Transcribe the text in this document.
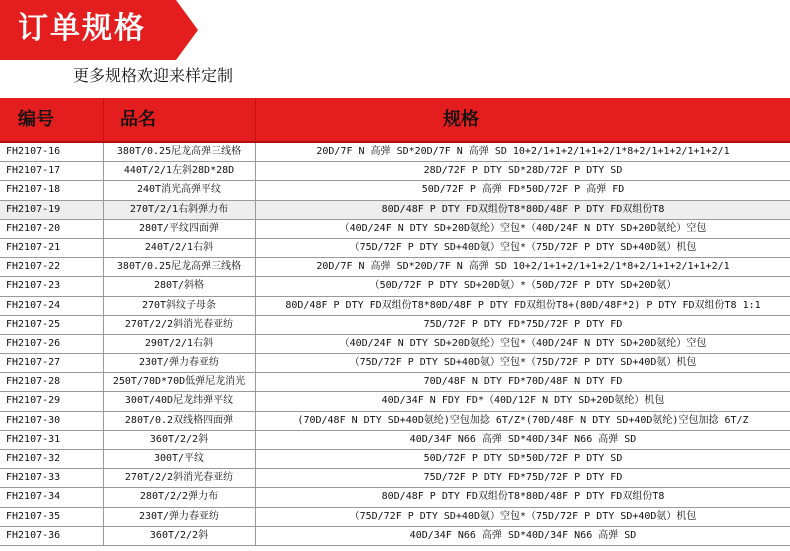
订单规格
更多规格欢迎来样定制
编号	品名	规格
FH2107-16	380T/0.25尼龙高弹三线格	20D/7F N 高弹 SD*20D/7F N 高弹 SD 10+2/1+1+2/1+1+2/1*8+2/1+1+2/1+1+2/1
FH2107-17	440T/2/1左斜28D*28D	28D/72F P DTY SD*28D/72F P DTY SD
FH2107-18	240T消光高弹平纹	50D/72F P 高弹 FD*50D/72F P 高弹 FD
FH2107-19	270T/2/1右斜弹力布	80D/48F P DTY FD双组份T8*80D/48F P DTY FD双组份T8
FH2107-20	280T/平纹四面弹	（40D/24F N DTY SD+20D氨纶）空包*（40D/24F N DTY SD+20D氨纶）空包
FH2107-21	240T/2/1右斜	（75D/72F P DTY SD+40D氨）空包*（75D/72F P DTY SD+40D氨）机包
FH2107-22	380T/0.25尼龙高弹三线格	20D/7F N 高弹 SD*20D/7F N 高弹 SD 10+2/1+1+2/1+1+2/1*8+2/1+1+2/1+1+2/1
FH2107-23	280T/斜格	（50D/72F P DTY SD+20D氨）*（50D/72F P DTY SD+20D氨）
FH2107-24	270T斜纹子母条	80D/48F P DTY FD双组份T8*80D/48F P DTY FD双组份T8+(80D/48F*2) P DTY FD双组份T8 1:1
FH2107-25	270T/2/2斜消光春亚纺	75D/72F P DTY FD*75D/72F P DTY FD
FH2107-26	290T/2/1右斜	（40D/24F N DTY SD+20D氨纶）空包*（40D/24F N DTY SD+20D氨纶）空包
FH2107-27	230T/弹力春亚纺	（75D/72F P DTY SD+40D氨）空包*（75D/72F P DTY SD+40D氨）机包
FH2107-28	250T/70D*70D低弹尼龙消光	70D/48F N DTY FD*70D/48F N DTY FD
FH2107-29	300T/40D尼龙纬弹平纹	40D/34F N FDY FD*（40D/12F N DTY SD+20D氨纶）机包
FH2107-30	280T/0.2双线格四面弹	(70D/48F N DTY SD+40D氨纶)空包加捻 6T/Z*(70D/48F N DTY SD+40D氨纶)空包加捻 6T/Z
FH2107-31	360T/2/2斜	40D/34F N66 高弹 SD*40D/34F N66 高弹 SD
FH2107-32	300T/平纹	50D/72F P DTY SD*50D/72F P DTY SD
FH2107-33	270T/2/2斜消光春亚纺	75D/72F P DTY FD*75D/72F P DTY FD
FH2107-34	280T/2/2弹力布	80D/48F P DTY FD双组份T8*80D/48F P DTY FD双组份T8
FH2107-35	230T/弹力春亚纺	（75D/72F P DTY SD+40D氨）空包*（75D/72F P DTY SD+40D氨）机包
FH2107-36	360T/2/2斜	40D/34F N66 高弹 SD*40D/34F N66 高弹 SD
